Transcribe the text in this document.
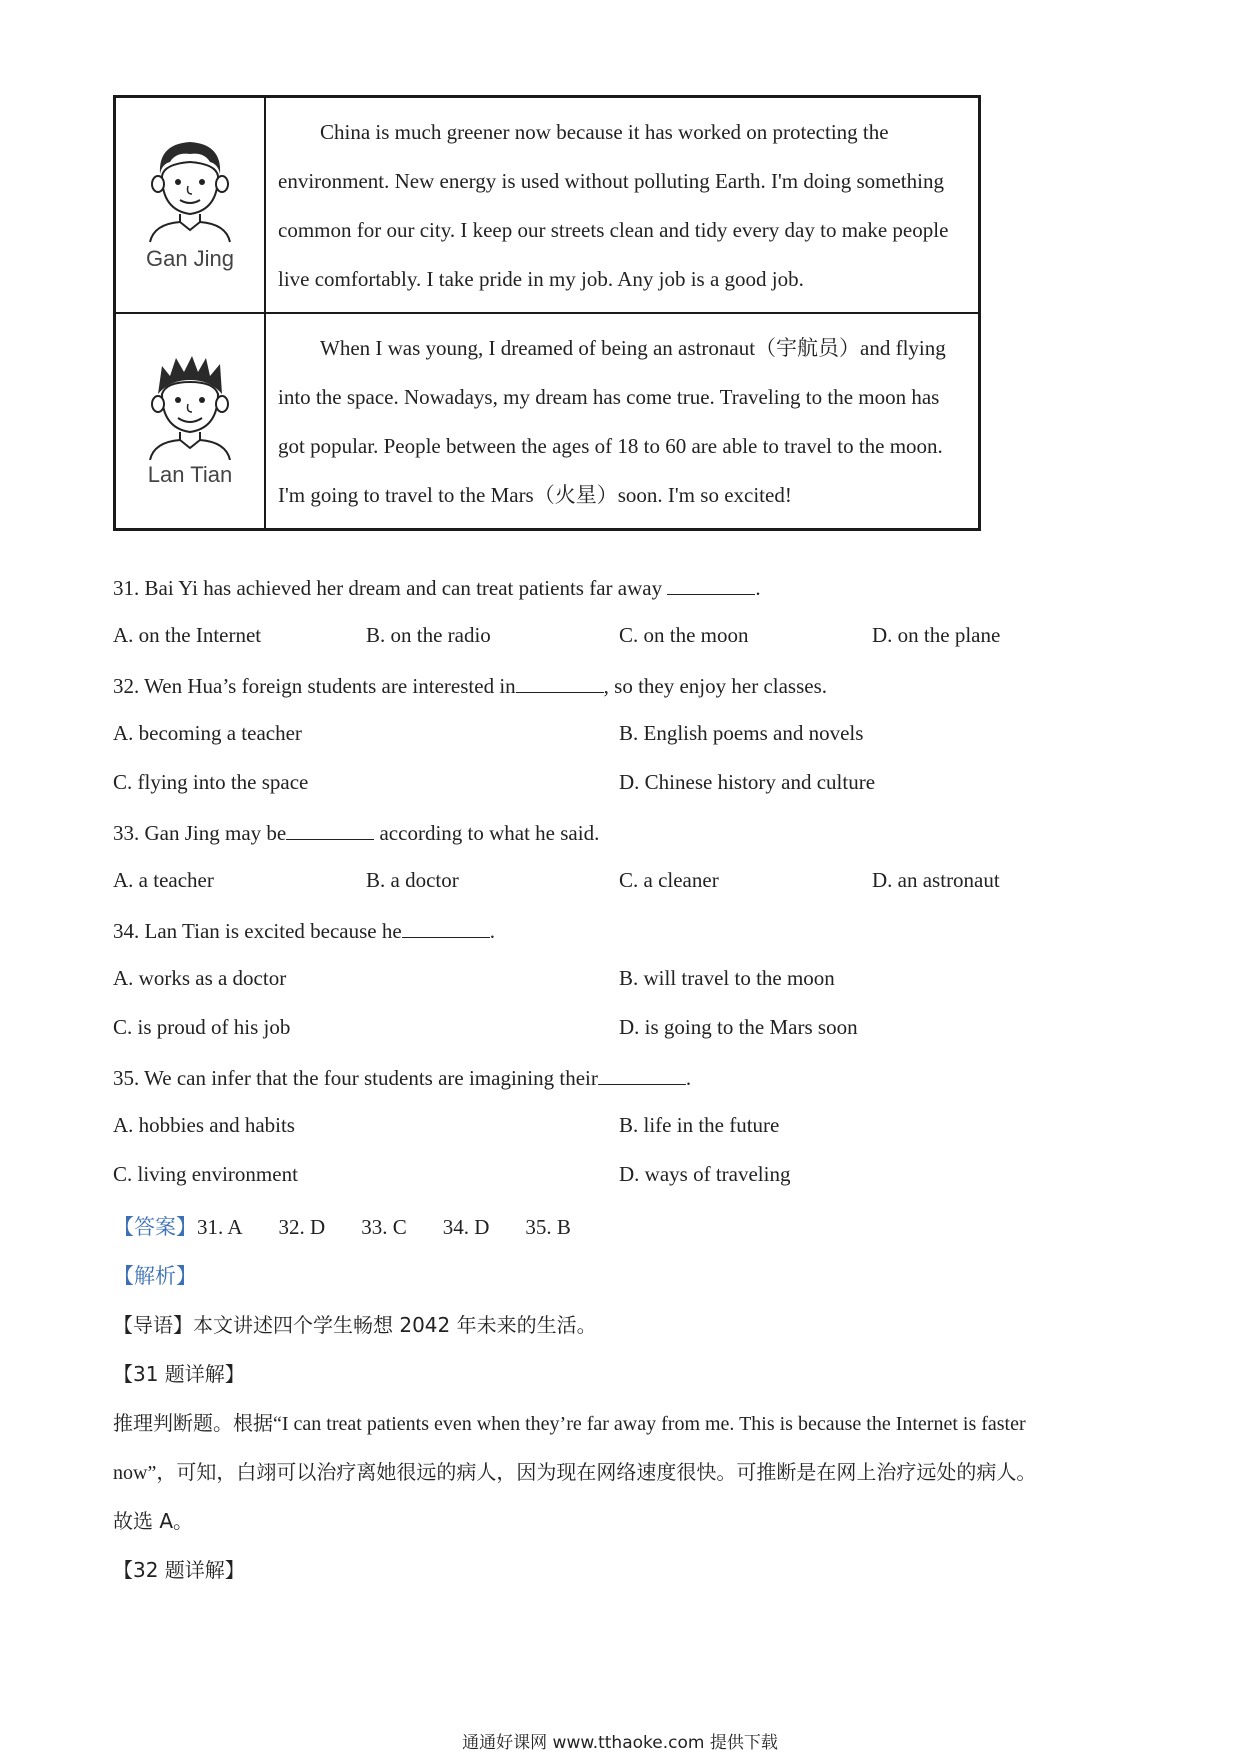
Gan Jing	China is much greener now because it has worked on protecting the environment. New energy is used without polluting Earth. I'm doing something common for our city. I keep our streets clean and tidy every day to make people live comfortably. I take pride in my job. Any job is a good job.

Lan Tian	When I was young, I dreamed of being an astronaut（宇航员）and flying into the space. Nowadays, my dream has come true. Traveling to the moon has got popular. People between the ages of 18 to 60 are able to travel to the moon. I'm going to travel to the Mars（火星）soon. I'm so excited!

31. Bai Yi has achieved her dream and can treat patients far away	.
A. on the Internet	B. on the radio	C. on the moon	D. on the plane
32. Wen Hua’s foreign students are interested in	, so they enjoy her classes.
A. becoming a teacher	B. English poems and novels
C. flying into the space	D. Chinese history and culture
33. Gan Jing may be	according to what he said.
A. a teacher	B. a doctor	C. a cleaner	D. an astronaut
34. Lan Tian is excited because he	.
A. works as a doctor	B. will travel to the moon
C. is proud of his job	D. is going to the Mars soon
35. We can infer that the four students are imagining their	.
A. hobbies and habits	B. life in the future
C. living environment	D. ways of traveling
【答案】31. A 32. D 33. C 34. D 35. B
【解析】
【导语】本文讲述四个学生畅想 2042 年未来的生活。
【31 题详解】
推理判断题。根据“I can treat patients even when they’re far away from me. This is because the Internet is faster
now”，可知，白翊可以治疗离她很远的病人，因为现在网络速度很快。可推断是在网上治疗远处的病人。
故选 A。
【32 题详解】
通通好课网 www.tthaoke.com 提供下载
